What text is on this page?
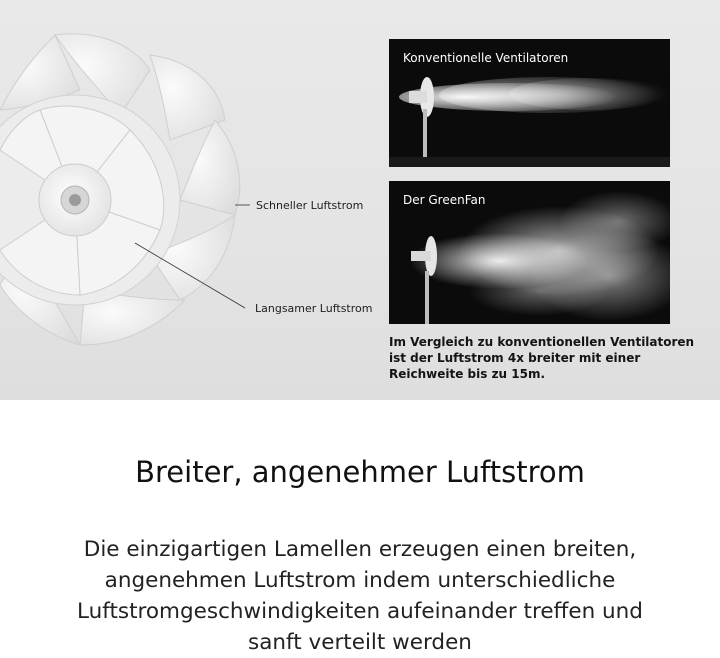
Schneller Luftstrom
Langsamer Luftstrom
Konventionelle Ventilatoren
Der GreenFan
Im Vergleich zu konventionellen Ventilatoren ist der Luftstrom 4x breiter mit einer Reichweite bis zu 15m.
Breiter, angenehmer Luftstrom

Die einzigartigen Lamellen erzeugen einen breiten, angenehmen Luftstrom indem unterschiedliche Luftstromgeschwindigkeiten aufeinander treffen und sanft verteilt werden
